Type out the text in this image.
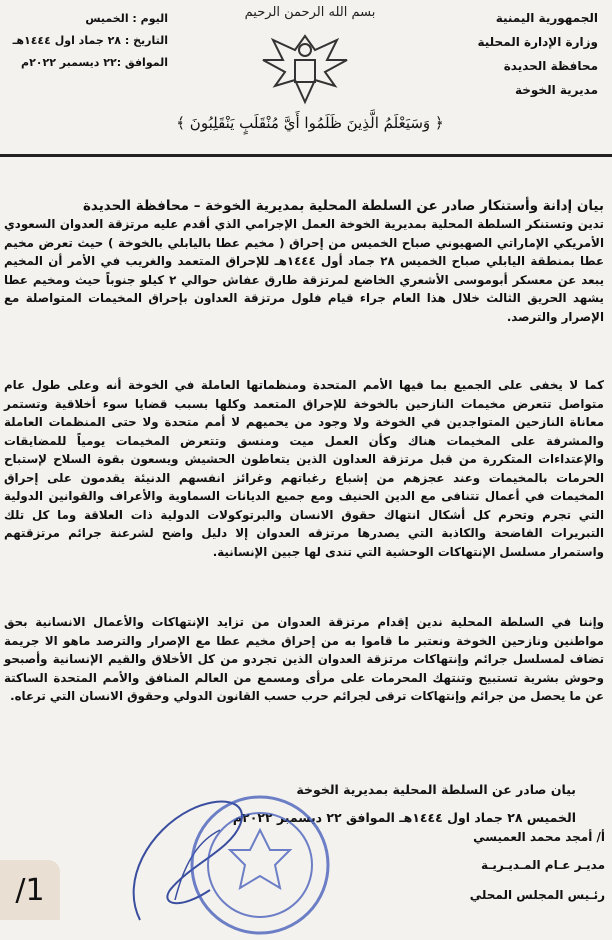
الجمهورية اليمنية
وزارة الإدارة المحلية
محافظة الحديدة
مديرية الخوخة
بسم الله الرحمن الرحيم
اليوم : الخميس
التاريخ : ٢٨ جماد اول ١٤٤٤هـ
الموافق :٢٢ ديسمبر ٢٠٢٢م
﴿ وَسَيَعْلَمُ الَّذِينَ ظَلَمُوا أَيَّ مُنْقَلَبٍ يَنْقَلِبُونَ ﴾
بيان إدانة وأستنكار صادر عن السلطة المحلية بمديرية الخوخة – محافظة الحديدة

تدين وتستنكر السلطة المحلية بمديرية الخوخة العمل الإجرامي الذي أقدم عليه مرتزقة العدوان السعودي الأمريكي الإماراتي الصهيوني صباح الخميس من إحراق ( مخيم عطا باليابلي بالخوخة ) حيث تعرض مخيم عطا بمنطقة اليابلي صباح الخميس ٢٨ جماد أول ١٤٤٤هـ للإحراق المتعمد والغريب في الأمر أن المخيم يبعد عن معسكر أبوموسى الأشعري الخاضع لمرتزقة طارق عفاش حوالي ٢ كيلو جنوباً حيث ومخيم عطا يشهد الحريق الثالث خلال هذا العام جراء قيام فلول مرتزقة العداون بإحراق المخيمات المتواصلة مع الإصرار والترصد.

كما لا يخفى على الجميع بما فيها الأمم المتحدة ومنظماتها العاملة في الخوخة أنه وعلى طول عام متواصل تتعرض مخيمات النازحين بالخوخة للإحراق المتعمد وكلها بسبب قضايا سوء أخلاقية وتستمر معاناة النازحين المتواجدين في الخوخة ولا وجود من يحميهم لا أمم متحدة ولا حتى المنظمات العاملة والمشرفة على المخيمات هناك وكأن العمل ميت ومنسق وتتعرض المخيمات يومياً للمضايقات والإعتداءات المتكررة من قبل مرتزقة العداون الذين يتعاطون الحشيش ويسعون بقوة السلاح لإستباح الحرمات بالمخيمات وعند عجزهم من إشباع رغباتهم وغرائز انفسهم الدنيئة يقدمون على إحراق المخيمات في أعمال تتنافى مع الدين الحنيف ومع جميع الديانات السماوية والأعراف والقوانين الدولية التي تجرم وتحرم كل أشكال انتهاك حقوق الانسان والبرتوكولات الدولية ذات العلاقة وما كل تلك التبريرات الفاضحة والكاذبة التي يصدرها مرتزقه العدوان إلا دليل واضح لشرعنة جرائم مرتزقتهم واستمرار مسلسل الإنتهاكات الوحشية التي تندى لها جبين الإنسانية.

وإننا في السلطة المحلية ندين إقدام مرتزقة العدوان من تزايد الإنتهاكات والأعمال الانسانية بحق مواطنين ونازحين الخوخة ونعتبر ما قاموا به من إحراق مخيم عطا مع الإصرار والترصد ماهو الا جريمة تضاف لمسلسل جرائم وإنتهاكات مرتزقة العدوان الذين تجردو من كل الأخلاق والقيم الإنسانية وأصبحو وحوش بشرية تستبيح وتنتهك المحرمات على مرأى ومسمع من العالم المنافق والأمم المتحدة الساكتة عن ما يحصل من جرائم وإنتهاكات ترقى لجرائم حرب حسب القانون الدولي وحقوق الانسان التي ترعاه.

بيان صادر عن السلطة المحلية بمديرية الخوخة
الخميس ٢٨ جماد اول ١٤٤٤هـ الموافق ٢٢ ديسمبر ٢٠٢٢م
أ/ أمجد محمد العميسي
مديـر عـام المـديـريـة
رئـيس المجلس المحلي
/1
